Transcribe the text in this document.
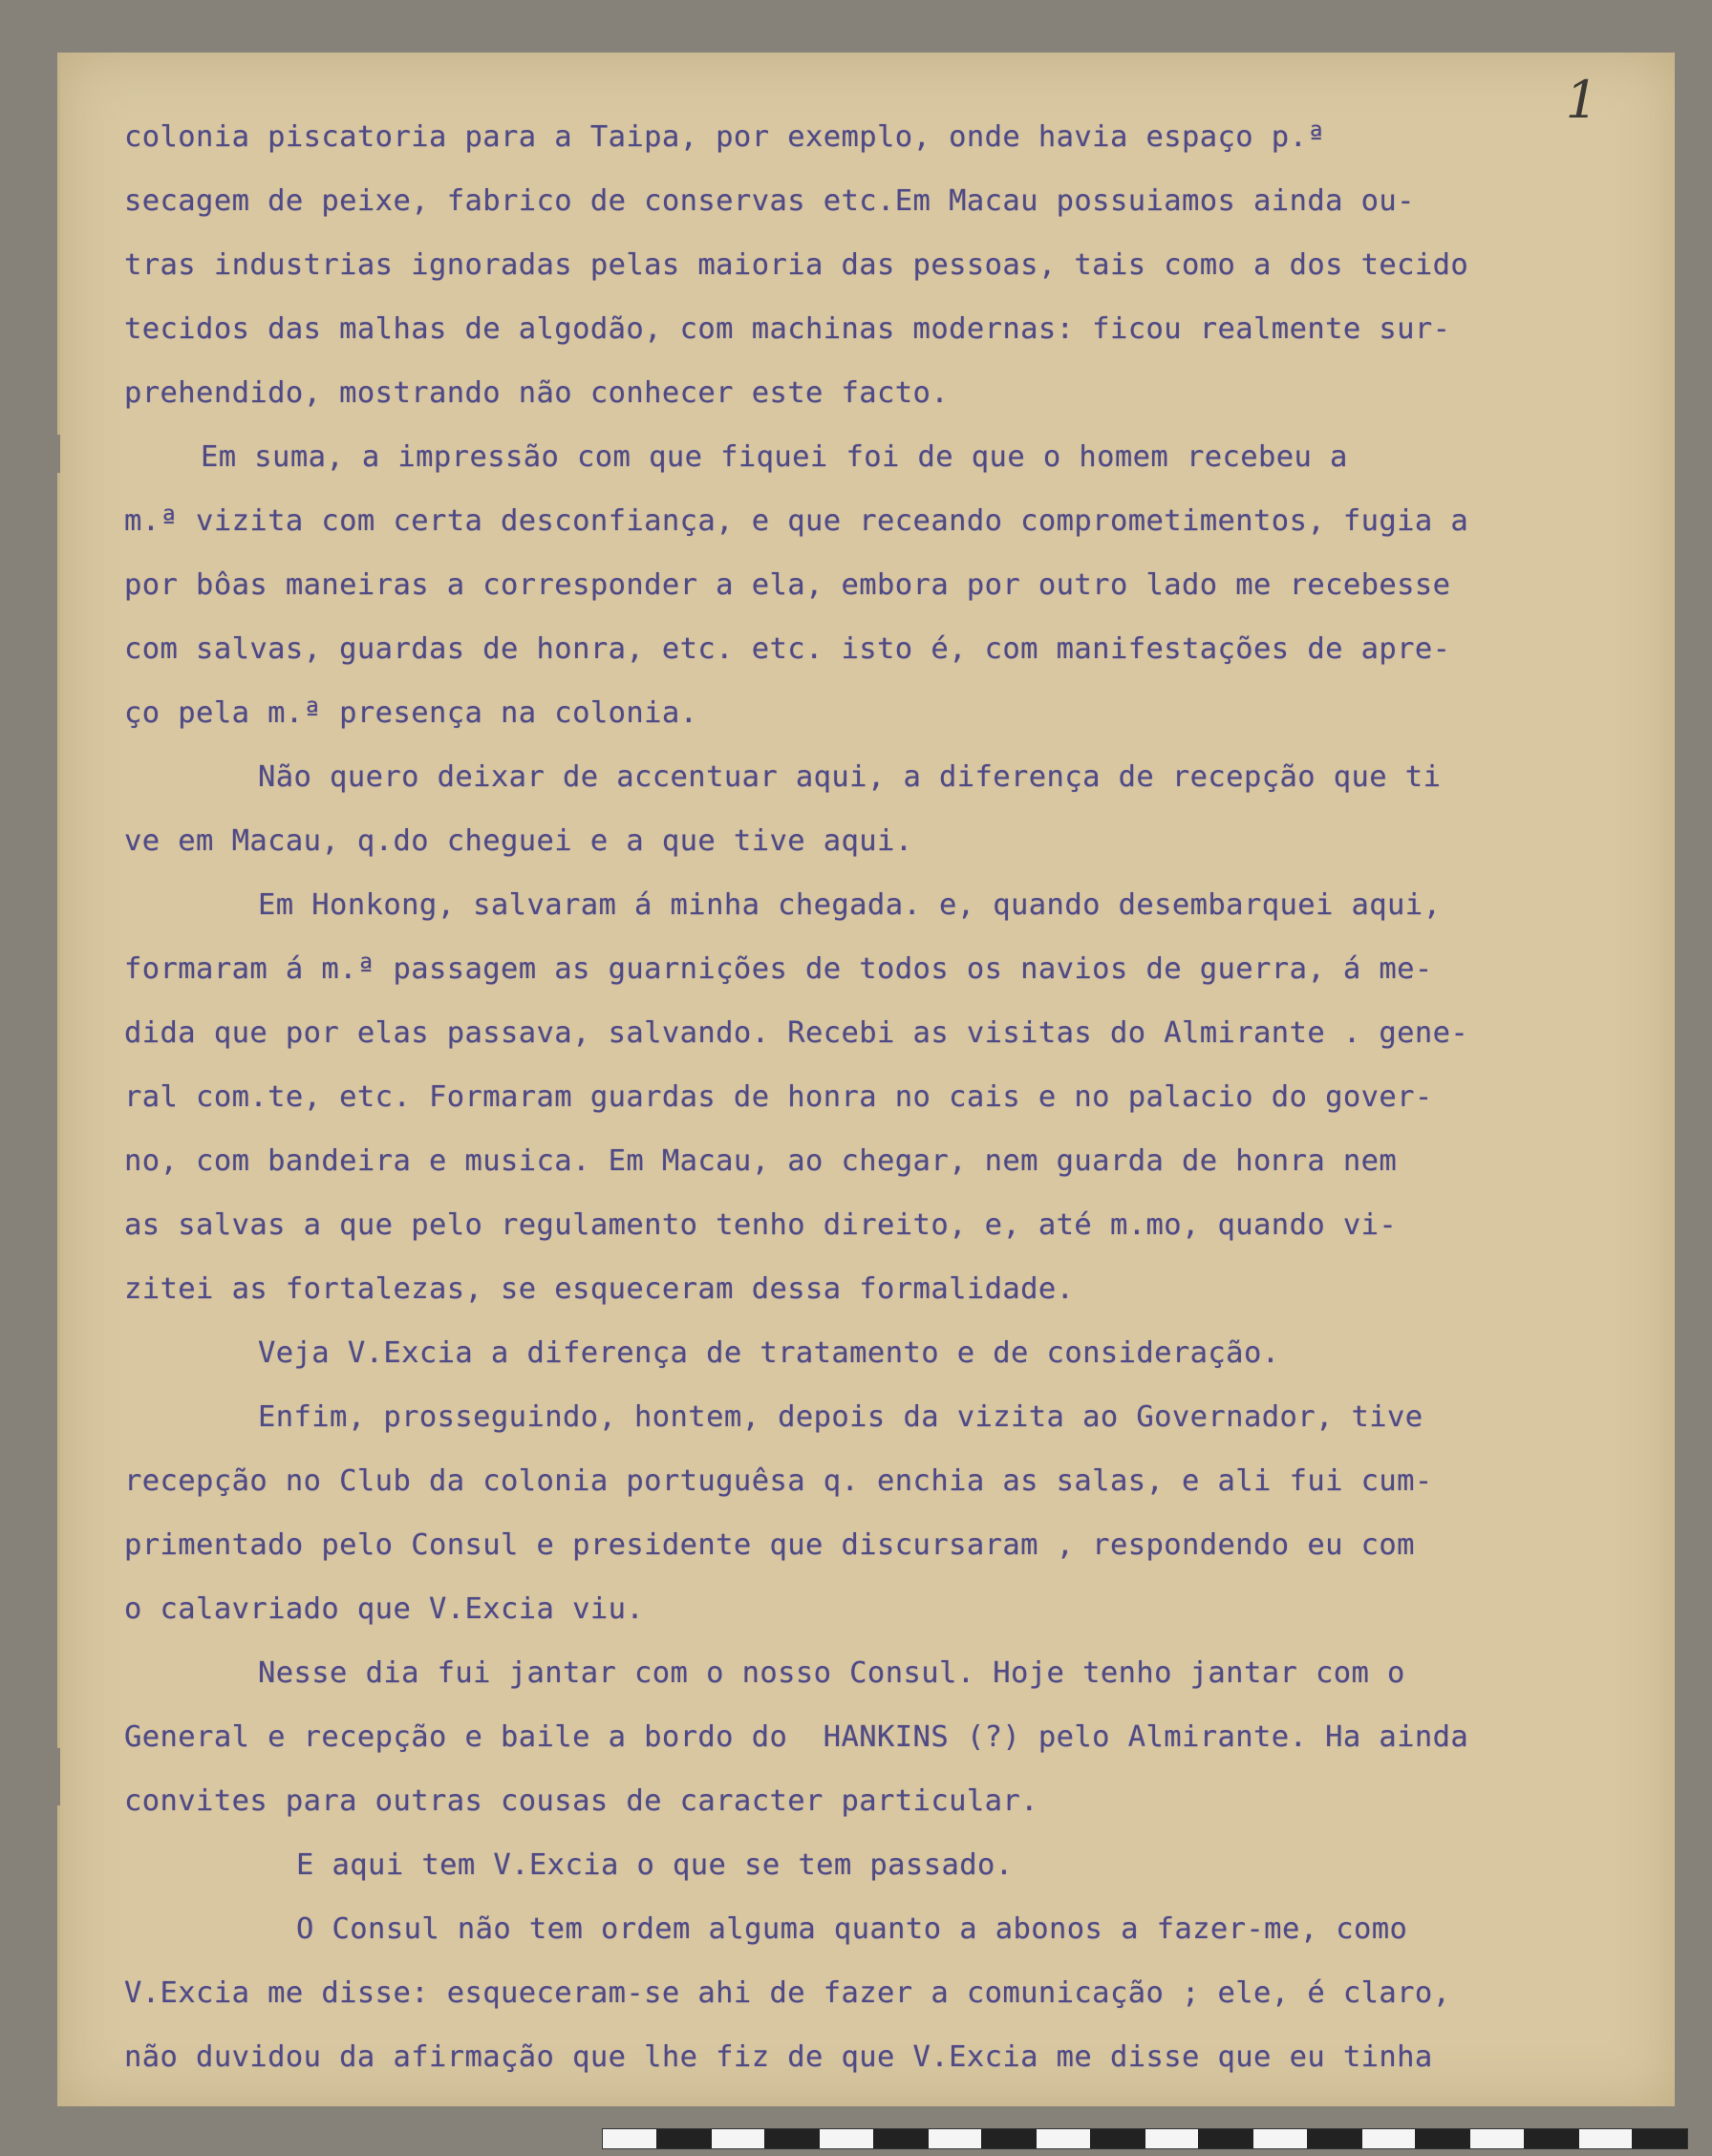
1
colonia piscatoria para a Taipa, por exemplo, onde havia espaço p.ª
secagem de peixe, fabrico de conservas etc.Em Macau possuiamos ainda ou-
tras industrias ignoradas pelas maioria das pessoas, tais como a dos tecido
tecidos das malhas de algodão, com machinas modernas: ficou realmente sur-
prehendido, mostrando não conhecer este facto.
Em suma, a impressão com que fiquei foi de que o homem recebeu a
m.ª vizita com certa desconfiança, e que receando comprometimentos, fugia a
por bôas maneiras a corresponder a ela, embora por outro lado me recebesse
com salvas, guardas de honra, etc. etc. isto é, com manifestações de apre-
ço pela m.ª presença na colonia.
Não quero deixar de accentuar aqui, a diferença de recepção que ti
ve em Macau, q.do cheguei e a que tive aqui.
Em Honkong, salvaram á minha chegada. e, quando desembarquei aqui,
formaram á m.ª passagem as guarnições de todos os navios de guerra, á me-
dida que por elas passava, salvando. Recebi as visitas do Almirante . gene-
ral com.te, etc. Formaram guardas de honra no cais e no palacio do gover-
no, com bandeira e musica. Em Macau, ao chegar, nem guarda de honra nem
as salvas a que pelo regulamento tenho direito, e, até m.mo, quando vi-
zitei as fortalezas, se esqueceram dessa formalidade.
Veja V.Excia a diferença de tratamento e de consideração.
Enfim, prosseguindo, hontem, depois da vizita ao Governador, tive
recepção no Club da colonia portuguêsa q. enchia as salas, e ali fui cum-
primentado pelo Consul e presidente que discursaram , respondendo eu com
o calavriado que V.Excia viu.
Nesse dia fui jantar com o nosso Consul. Hoje tenho jantar com o
General e recepção e baile a bordo do  HANKINS (?) pelo Almirante. Ha ainda
convites para outras cousas de caracter particular.
E aqui tem V.Excia o que se tem passado.
O Consul não tem ordem alguma quanto a abonos a fazer-me, como
V.Excia me disse: esqueceram-se ahi de fazer a comunicação ; ele, é claro,
não duvidou da afirmação que lhe fiz de que V.Excia me disse que eu tinha
